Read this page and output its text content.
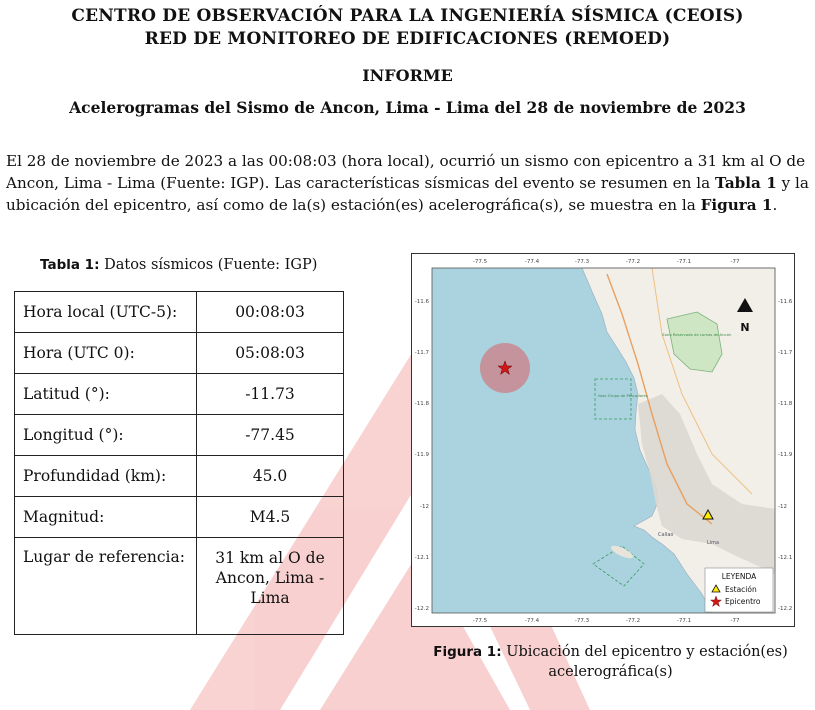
CENTRO DE OBSERVACIÓN PARA LA INGENIERÍA SÍSMICA (CEOIS)
RED DE MONITOREO DE EDIFICACIONES (REMOED)
INFORME
Acelerogramas del Sismo de Ancon, Lima - Lima del 28 de noviembre de 2023
El 28 de noviembre de 2023 a las 00:08:03 (hora local), ocurrió un sismo con epicentro a 31 km al O de Ancon, Lima - Lima (Fuente: IGP). Las características sísmicas del evento se resumen en la Tabla 1 y la ubicación del epicentro, así como de la(s) estación(es) acelerográfica(s), se muestra en la Figura 1.
Tabla 1: Datos sísmicos (Fuente: IGP)
Hora local (UTC-5):	00:08:03
Hora (UTC 0):	05:08:03
Latitud (°):	-11.73
Longitud (°):	-77.45
Profundidad (km):	45.0
Magnitud:	M4.5
Lugar de referencia:	31 km al O de Ancon, Lima - Lima
-77.5	-77.4	-77.3	-77.2	-77.1	-77
-77.5	-77.4	-77.3	-77.2	-77.1	-77
-11.6
-11.7
-11.8
-11.9
-12
-12.1
-12.2
-11.6
-11.7
-11.8
-11.9
-12
-12.1
-12.2
Lima
Callao
Islas Grupo de Pescadores
Zona Reservada de Lomas de Ancón
N
LEYENDA
Estación
Epicentro
Figura 1: Ubicación del epicentro y estación(es) acelerográfica(s)
